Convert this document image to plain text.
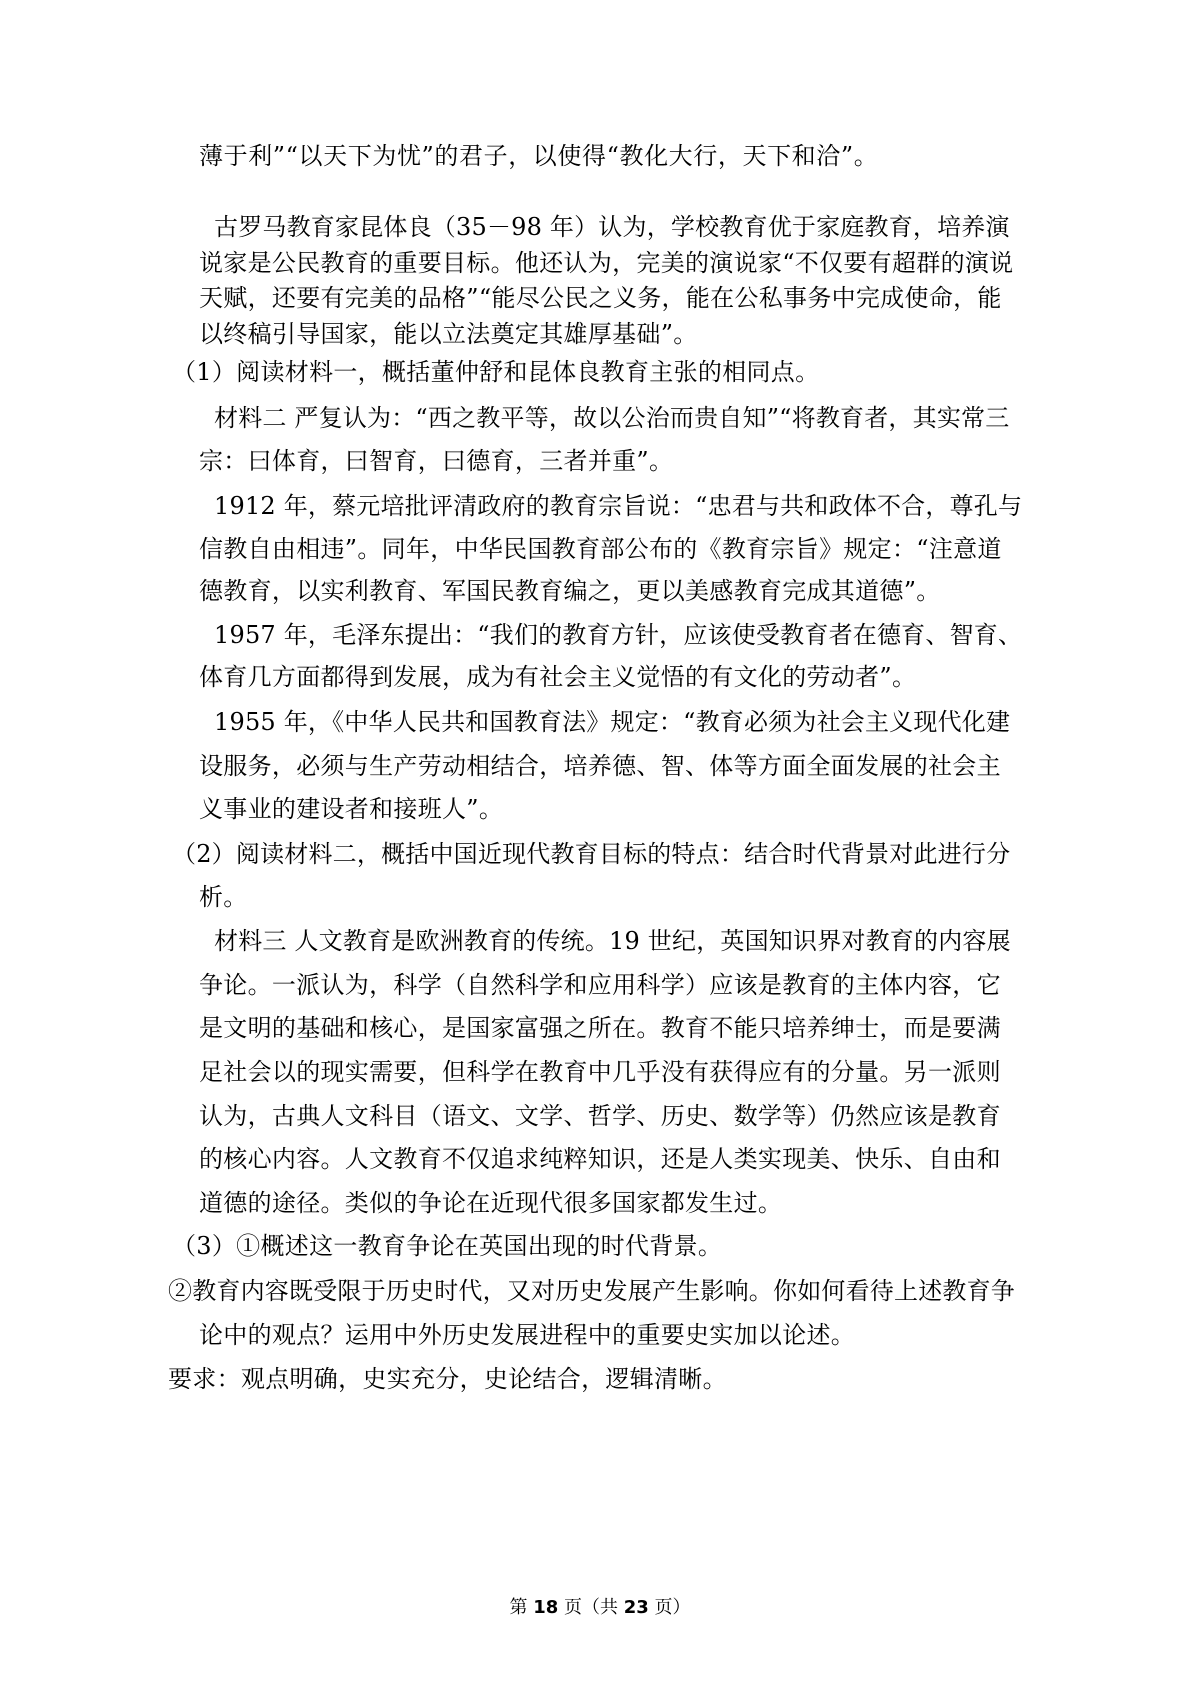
薄于利”“以天下为忧”的君子，以使得“教化大行，天下和洽”。
古罗马教育家昆体良（35－98 年）认为，学校教育优于家庭教育，培养演
说家是公民教育的重要目标。他还认为，完美的演说家“不仅要有超群的演说
天赋，还要有完美的品格”“能尽公民之义务，能在公私事务中完成使命，能
以终稿引导国家，能以立法奠定其雄厚基础”。
（1）阅读材料一，概括董仲舒和昆体良教育主张的相同点。
材料二 严复认为：“西之教平等，故以公治而贵自知”“将教育者，其实常三
宗：曰体育，曰智育，曰德育，三者并重”。
1912 年，蔡元培批评清政府的教育宗旨说：“忠君与共和政体不合，尊孔与
信教自由相违”。同年，中华民国教育部公布的《教育宗旨》规定：“注意道
德教育，以实利教育、军国民教育编之，更以美感教育完成其道德”。
1957 年，毛泽东提出：“我们的教育方针，应该使受教育者在德育、智育、
体育几方面都得到发展，成为有社会主义觉悟的有文化的劳动者”。
1955 年，《中华人民共和国教育法》规定：“教育必须为社会主义现代化建
设服务，必须与生产劳动相结合，培养德、智、体等方面全面发展的社会主
义事业的建设者和接班人”。
（2）阅读材料二，概括中国近现代教育目标的特点：结合时代背景对此进行分
析。
材料三 人文教育是欧洲教育的传统。19 世纪，英国知识界对教育的内容展
争论。一派认为，科学（自然科学和应用科学）应该是教育的主体内容，它
是文明的基础和核心，是国家富强之所在。教育不能只培养绅士，而是要满
足社会以的现实需要，但科学在教育中几乎没有获得应有的分量。另一派则
认为，古典人文科目（语文、文学、哲学、历史、数学等）仍然应该是教育
的核心内容。人文教育不仅追求纯粹知识，还是人类实现美、快乐、自由和
道德的途径。类似的争论在近现代很多国家都发生过。
（3）①概述这一教育争论在英国出现的时代背景。
②教育内容既受限于历史时代，又对历史发展产生影响。你如何看待上述教育争
论中的观点？运用中外历史发展进程中的重要史实加以论述。
要求：观点明确，史实充分，史论结合，逻辑清晰。
第 18 页（共 23 页）
